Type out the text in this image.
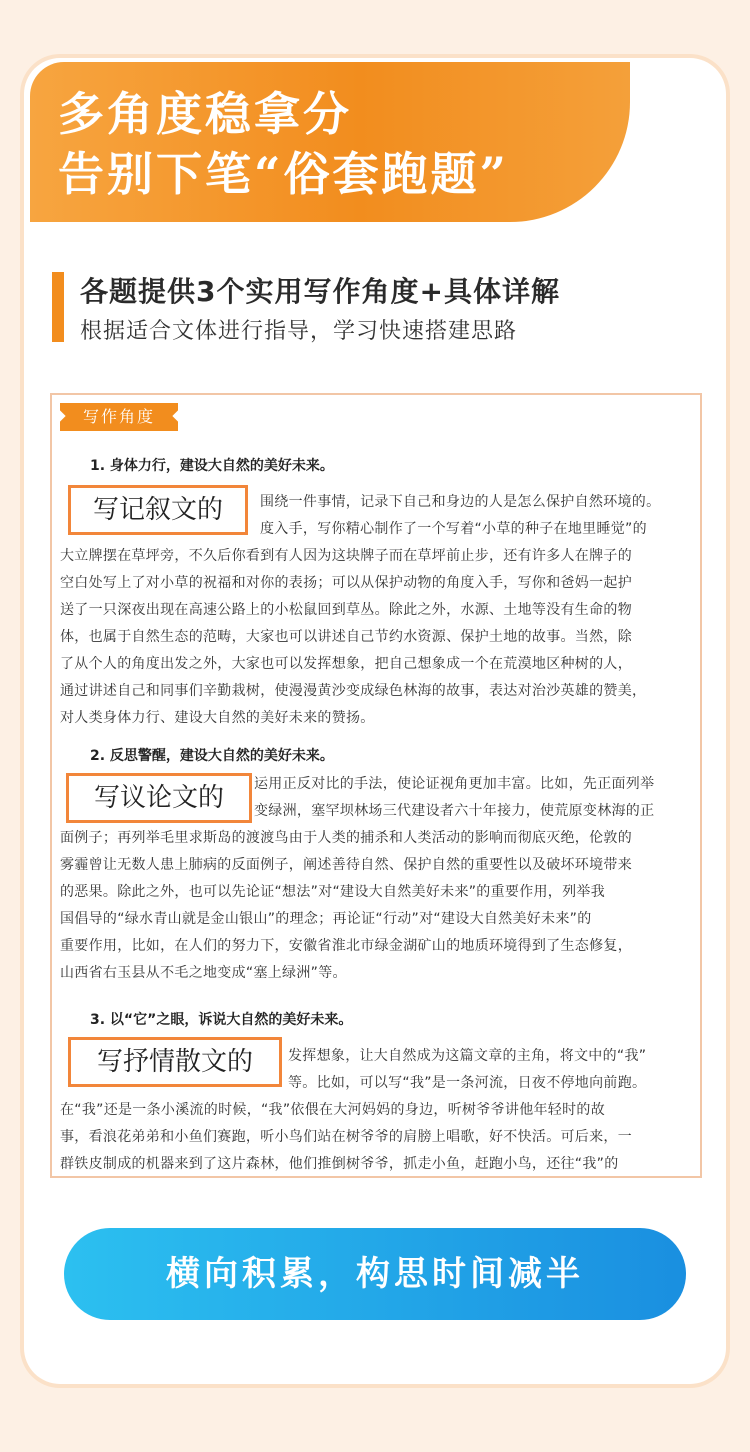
多角度稳拿分
告别下笔“俗套跑题”
各题提供3个实用写作角度+具体详解
根据适合文体进行指导，学习快速搭建思路
写作角度
1. 身体力行，建设大自然的美好未来。
围绕一件事情，记录下自己和身边的人是怎么保护自然环境的。
度入手，写你精心制作了一个写着“小草的种子在地里睡觉”的
大立牌摆在草坪旁，不久后你看到有人因为这块牌子而在草坪前止步，还有许多人在牌子的
空白处写上了对小草的祝福和对你的表扬；可以从保护动物的角度入手，写你和爸妈一起护
送了一只深夜出现在高速公路上的小松鼠回到草丛。除此之外，水源、土地等没有生命的物
体，也属于自然生态的范畴，大家也可以讲述自己节约水资源、保护土地的故事。当然，除
了从个人的角度出发之外，大家也可以发挥想象，把自己想象成一个在荒漠地区种树的人，
通过讲述自己和同事们辛勤栽树，使漫漫黄沙变成绿色林海的故事，表达对治沙英雄的赞美，
对人类身体力行、建设大自然的美好未来的赞扬。
2. 反思警醒，建设大自然的美好未来。
运用正反对比的手法，使论证视角更加丰富。比如，先正面列举
变绿洲，塞罕坝林场三代建设者六十年接力，使荒原变林海的正
面例子；再列举毛里求斯岛的渡渡鸟由于人类的捕杀和人类活动的影响而彻底灭绝，伦敦的
雾霾曾让无数人患上肺病的反面例子，阐述善待自然、保护自然的重要性以及破坏环境带来
的恶果。除此之外，也可以先论证“想法”对“建设大自然美好未来”的重要作用，列举我
国倡导的“绿水青山就是金山银山”的理念；再论证“行动”对“建设大自然美好未来”的
重要作用，比如，在人们的努力下，安徽省淮北市绿金湖矿山的地质环境得到了生态修复，
山西省右玉县从不毛之地变成“塞上绿洲”等。
3. 以“它”之眼，诉说大自然的美好未来。
发挥想象，让大自然成为这篇文章的主角，将文中的“我”
等。比如，可以写“我”是一条河流，日夜不停地向前跑。
在“我”还是一条小溪流的时候，“我”依偎在大河妈妈的身边，听树爷爷讲他年轻时的故
事，看浪花弟弟和小鱼们赛跑，听小鸟们站在树爷爷的肩膀上唱歌，好不快活。可后来，一
群铁皮制成的机器来到了这片森林，他们推倒树爷爷，抓走小鱼，赶跑小鸟，还往“我”的
写记叙文的
写议论文的
写抒情散文的
横向积累，构思时间减半
